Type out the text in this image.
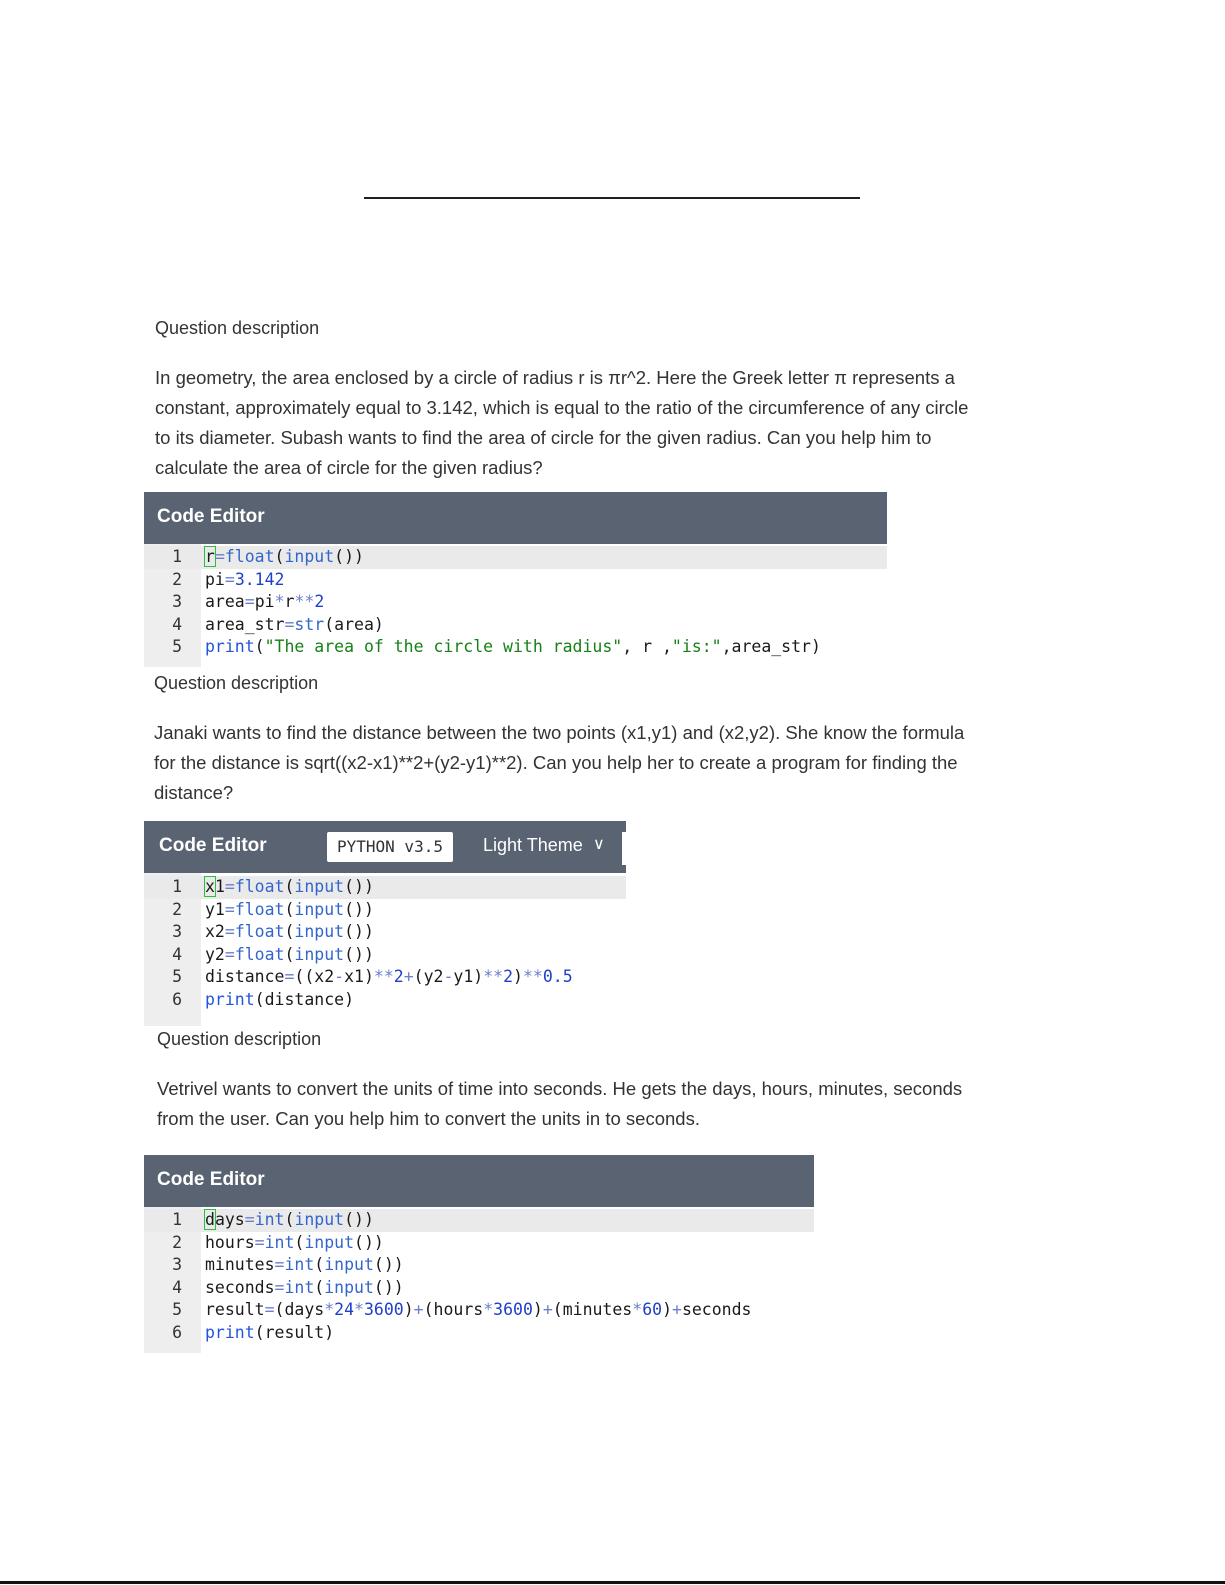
Question description

In geometry, the area enclosed by a circle of radius r is πr^2. Here the Greek letter π represents a constant, approximately equal to 3.142, which is equal to the ratio of the circumference of any circle to its diameter. Subash wants to find the area of circle for the given radius. Can you help him to calculate the area of circle for the given radius?

Code Editor
1 r=float(input())
2 pi=3.142
3 area=pi*r**2
4 area_str=str(area)
5 print("The area of the circle with radius", r ,"is:",area_str)
Question description

Janaki wants to find the distance between the two points (x1,y1) and (x2,y2). She know the formula for the distance is sqrt((x2-x1)**2+(y2-y1)**2). Can you help her to create a program for finding the distance?

Code Editor	PYTHON v3.5	Light Theme ∨
1 x1=float(input())
2 y1=float(input())
3 x2=float(input())
4 y2=float(input())
5 distance=((x2-x1)**2+(y2-y1)**2)**0.5
6 print(distance)
Question description

Vetrivel wants to convert the units of time into seconds. He gets the days, hours, minutes, seconds from the user. Can you help him to convert the units in to seconds.

Code Editor
1 days=int(input())
2 hours=int(input())
3 minutes=int(input())
4 seconds=int(input())
5 result=(days*24*3600)+(hours*3600)+(minutes*60)+seconds
6 print(result)
